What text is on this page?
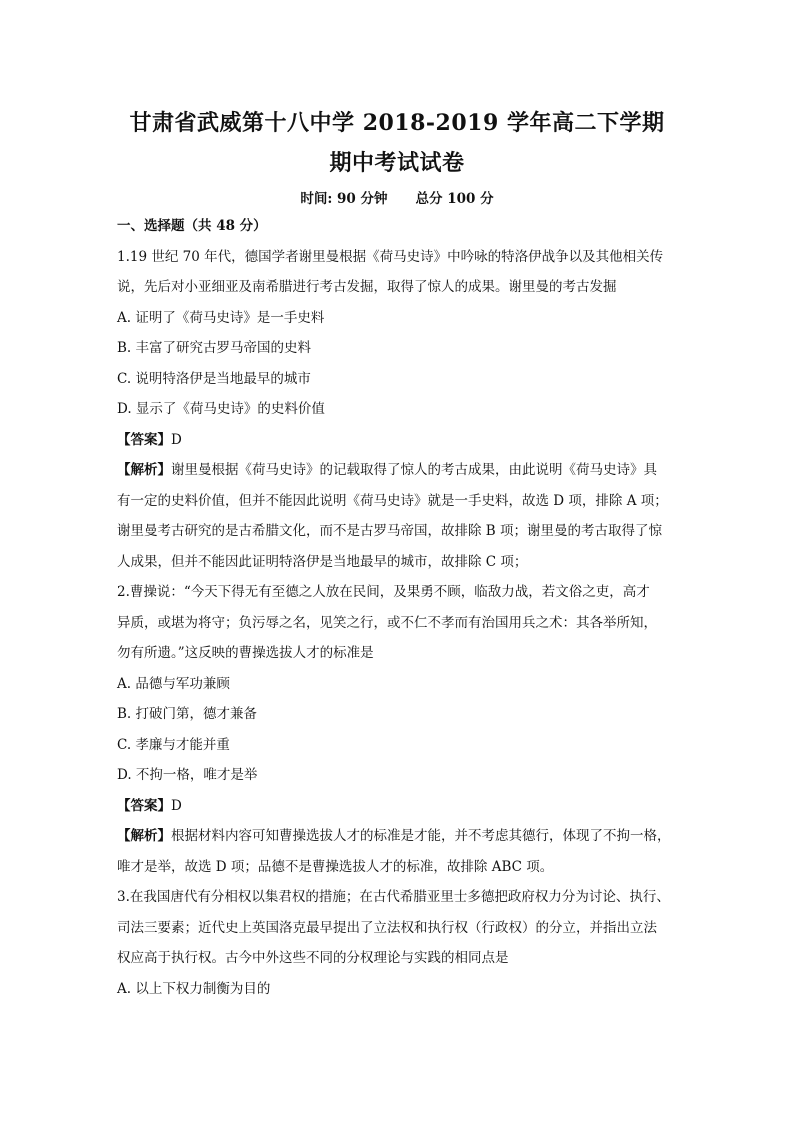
甘肃省武威第十八中学 2018-2019 学年高二下学期
期中考试试卷
时间: 90 分钟 总分 100 分

一、选择题（共 48 分）

1.19 世纪 70 年代，德国学者谢里曼根据《荷马史诗》中吟咏的特洛伊战争以及其他相关传

说，先后对小亚细亚及南希腊进行考古发掘，取得了惊人的成果。谢里曼的考古发掘

A. 证明了《荷马史诗》是一手史料

B. 丰富了研究古罗马帝国的史料

C. 说明特洛伊是当地最早的城市

D. 显示了《荷马史诗》的史料价值

【答案】D

【解析】谢里曼根据《荷马史诗》的记载取得了惊人的考古成果，由此说明《荷马史诗》具

有一定的史料价值，但并不能因此说明《荷马史诗》就是一手史料，故选 D 项，排除 A 项；

谢里曼考古研究的是古希腊文化，而不是古罗马帝国，故排除 B 项；谢里曼的考古取得了惊

人成果，但并不能因此证明特洛伊是当地最早的城市，故排除 C 项；

2.曹操说：“今天下得无有至德之人放在民间，及果勇不顾，临敌力战，若文俗之吏，高才

异质，或堪为将守；负污辱之名，见笑之行，或不仁不孝而有治国用兵之术：其各举所知，

勿有所遗。”这反映的曹操选拔人才的标准是

A. 品德与军功兼顾

B. 打破门第，德才兼备

C. 孝廉与才能并重

D. 不拘一格，唯才是举

【答案】D

【解析】根据材料内容可知曹操选拔人才的标准是才能，并不考虑其德行，体现了不拘一格，

唯才是举，故选 D 项；品德不是曹操选拔人才的标准，故排除 ABC 项。

3.在我国唐代有分相权以集君权的措施；在古代希腊亚里士多德把政府权力分为讨论、执行、

司法三要素；近代史上英国洛克最早提出了立法权和执行权（行政权）的分立，并指出立法

权应高于执行权。古今中外这些不同的分权理论与实践的相同点是

A. 以上下权力制衡为目的
